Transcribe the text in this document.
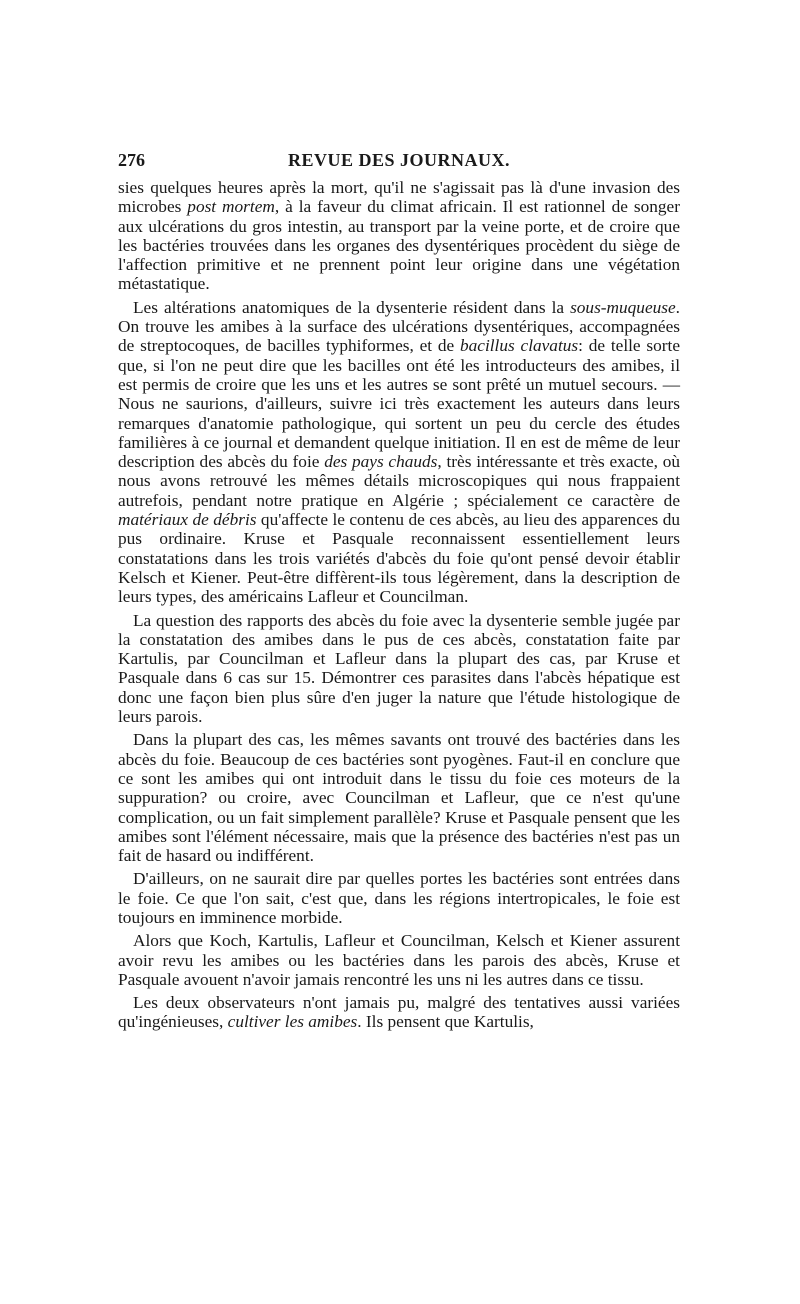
276	REVUE DES JOURNAUX.

sies quelques heures après la mort, qu'il ne s'agissait pas là d'une invasion des microbes post mortem, à la faveur du climat africain. Il est rationnel de songer aux ulcérations du gros intestin, au transport par la veine porte, et de croire que les bactéries trouvées dans les organes des dysentériques procèdent du siège de l'affection primitive et ne prennent point leur origine dans une végétation métastatique.

Les altérations anatomiques de la dysenterie résident dans la sous-muqueuse. On trouve les amibes à la surface des ulcérations dysentériques, accompagnées de streptocoques, de bacilles typhiformes, et de bacillus clavatus: de telle sorte que, si l'on ne peut dire que les bacilles ont été les introducteurs des amibes, il est permis de croire que les uns et les autres se sont prêté un mutuel secours. — Nous ne saurions, d'ailleurs, suivre ici très exactement les auteurs dans leurs remarques d'anatomie pathologique, qui sortent un peu du cercle des études familières à ce journal et demandent quelque initiation. Il en est de même de leur description des abcès du foie des pays chauds, très intéressante et très exacte, où nous avons retrouvé les mêmes détails microscopiques qui nous frappaient autrefois, pendant notre pratique en Algérie ; spécialement ce caractère de matériaux de débris qu'affecte le contenu de ces abcès, au lieu des apparences du pus ordinaire. Kruse et Pasquale reconnaissent essentiellement leurs constatations dans les trois variétés d'abcès du foie qu'ont pensé devoir établir Kelsch et Kiener. Peut-être diffèrent-ils tous légèrement, dans la description de leurs types, des américains Lafleur et Councilman.

La question des rapports des abcès du foie avec la dysenterie semble jugée par la constatation des amibes dans le pus de ces abcès, constatation faite par Kartulis, par Councilman et Lafleur dans la plupart des cas, par Kruse et Pasquale dans 6 cas sur 15. Démontrer ces parasites dans l'abcès hépatique est donc une façon bien plus sûre d'en juger la nature que l'étude histologique de leurs parois.

Dans la plupart des cas, les mêmes savants ont trouvé des bactéries dans les abcès du foie. Beaucoup de ces bactéries sont pyogènes. Faut-il en conclure que ce sont les amibes qui ont introduit dans le tissu du foie ces moteurs de la suppuration? ou croire, avec Councilman et Lafleur, que ce n'est qu'une complication, ou un fait simplement parallèle? Kruse et Pasquale pensent que les amibes sont l'élément nécessaire, mais que la présence des bactéries n'est pas un fait de hasard ou indifférent.

D'ailleurs, on ne saurait dire par quelles portes les bactéries sont entrées dans le foie. Ce que l'on sait, c'est que, dans les régions intertropicales, le foie est toujours en imminence morbide.

Alors que Koch, Kartulis, Lafleur et Councilman, Kelsch et Kiener assurent avoir revu les amibes ou les bactéries dans les parois des abcès, Kruse et Pasquale avouent n'avoir jamais rencontré les uns ni les autres dans ce tissu.

Les deux observateurs n'ont jamais pu, malgré des tentatives aussi variées qu'ingénieuses, cultiver les amibes. Ils pensent que Kartulis,
